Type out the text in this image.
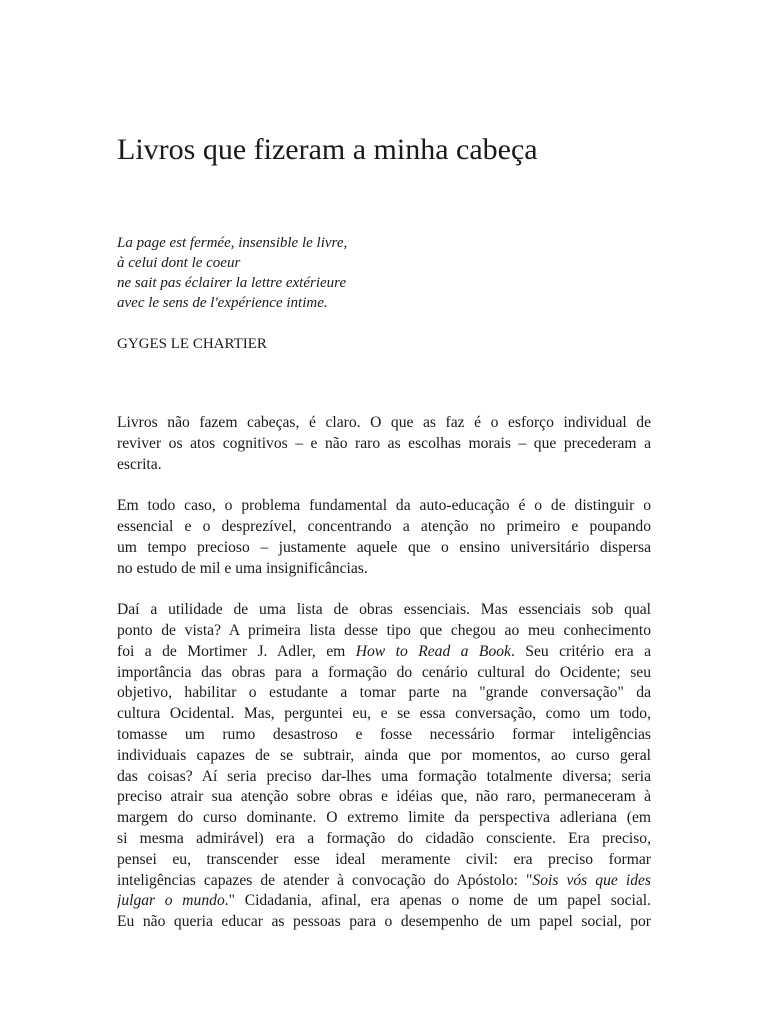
Livros que fizeram a minha cabeça
La page est fermée, insensible le livre,
à celui dont le coeur
ne sait pas éclairer la lettre extérieure
avec le sens de l'expérience intime.
GYGES LE CHARTIER
Livros não fazem cabeças, é claro. O que as faz é o esforço individual de
reviver os atos cognitivos – e não raro as escolhas morais – que precederam a
escrita.
Em todo caso, o problema fundamental da auto-educação é o de distinguir o
essencial e o desprezível, concentrando a atenção no primeiro e poupando
um tempo precioso – justamente aquele que o ensino universitário dispersa
no estudo de mil e uma insignificâncias.
Daí a utilidade de uma lista de obras essenciais. Mas essenciais sob qual
ponto de vista? A primeira lista desse tipo que chegou ao meu conhecimento
foi a de Mortimer J. Adler, em How to Read a Book. Seu critério era a
importância das obras para a formação do cenário cultural do Ocidente; seu
objetivo, habilitar o estudante a tomar parte na "grande conversação" da
cultura Ocidental. Mas, perguntei eu, e se essa conversação, como um todo,
tomasse um rumo desastroso e fosse necessário formar inteligências
individuais capazes de se subtrair, ainda que por momentos, ao curso geral
das coisas? Aí seria preciso dar-lhes uma formação totalmente diversa; seria
preciso atrair sua atenção sobre obras e idéias que, não raro, permaneceram à
margem do curso dominante. O extremo limite da perspectiva adleriana (em
si mesma admirável) era a formação do cidadão consciente. Era preciso,
pensei eu, transcender esse ideal meramente civil: era preciso formar
inteligências capazes de atender à convocação do Apóstolo: "Sois vós que ides
julgar o mundo." Cidadania, afinal, era apenas o nome de um papel social.
Eu não queria educar as pessoas para o desempenho de um papel social, por
